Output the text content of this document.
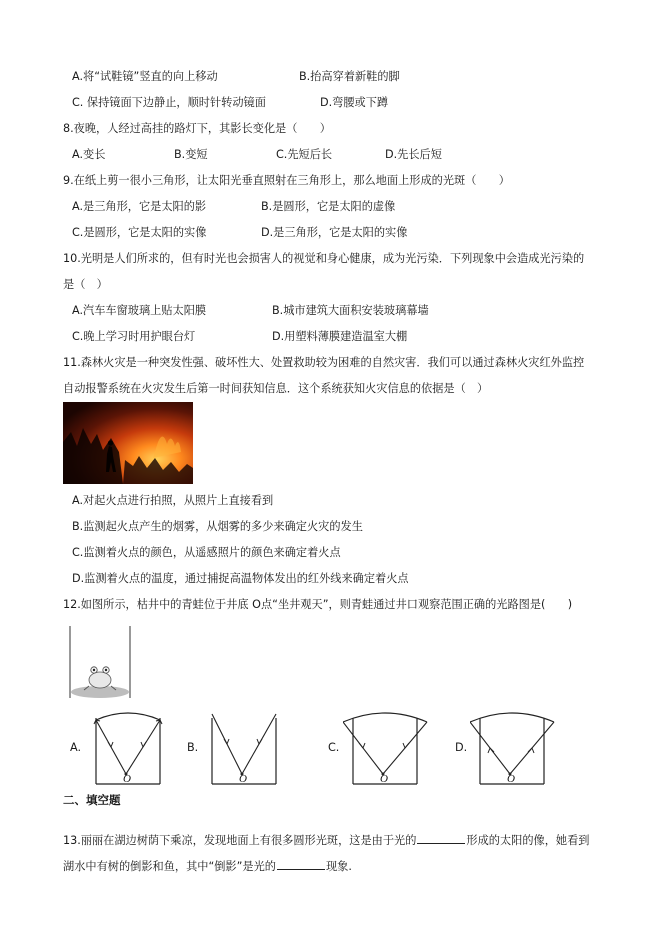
A.将“试鞋镜”竖直的向上移动	B.抬高穿着新鞋的脚
C. 保持镜面下边静止，顺时针转动镜面	D.弯腰或下蹲
8.夜晚，人经过高挂的路灯下，其影长变化是（　　）
A.变长	B.变短	C.先短后长	D.先长后短
9.在纸上剪一很小三角形，让太阳光垂直照射在三角形上，那么地面上形成的光斑（　　）
A.是三角形，它是太阳的影	B.是圆形，它是太阳的虚像
C.是圆形，它是太阳的实像	D.是三角形，它是太阳的实像
10.光明是人们所求的，但有时光也会损害人的视觉和身心健康，成为光污染．下列现象中会造成光污染的
是（　）
A.汽车车窗玻璃上贴太阳膜	B.城市建筑大面积安装玻璃幕墙
C.晚上学习时用护眼台灯	D.用塑料薄膜建造温室大棚
11.森林火灾是一种突发性强、破坏性大、处置救助较为困难的自然灾害．我们可以通过森林火灾红外监控
自动报警系统在火灾发生后第一时间获知信息．这个系统获知火灾信息的依据是（　）
A.对起火点进行拍照，从照片上直接看到
B.监测起火点产生的烟雾，从烟雾的多少来确定火灾的发生
C.监测着火点的颜色，从遥感照片的颜色来确定着火点
D.监测着火点的温度，通过捕捉高温物体发出的红外线来确定着火点
12.如图所示，枯井中的青蛙位于井底 O点“坐井观天”，则青蛙通过井口观察范围正确的光路图是(　　)
A.
O
B.
O
C.
O
D.
O
二、填空题
13.丽丽在湖边树荫下乘凉，发现地面上有很多圆形光斑，这是由于光的	形成的太阳的像，她看到
湖水中有树的倒影和鱼，其中“倒影”是光的	现象.
